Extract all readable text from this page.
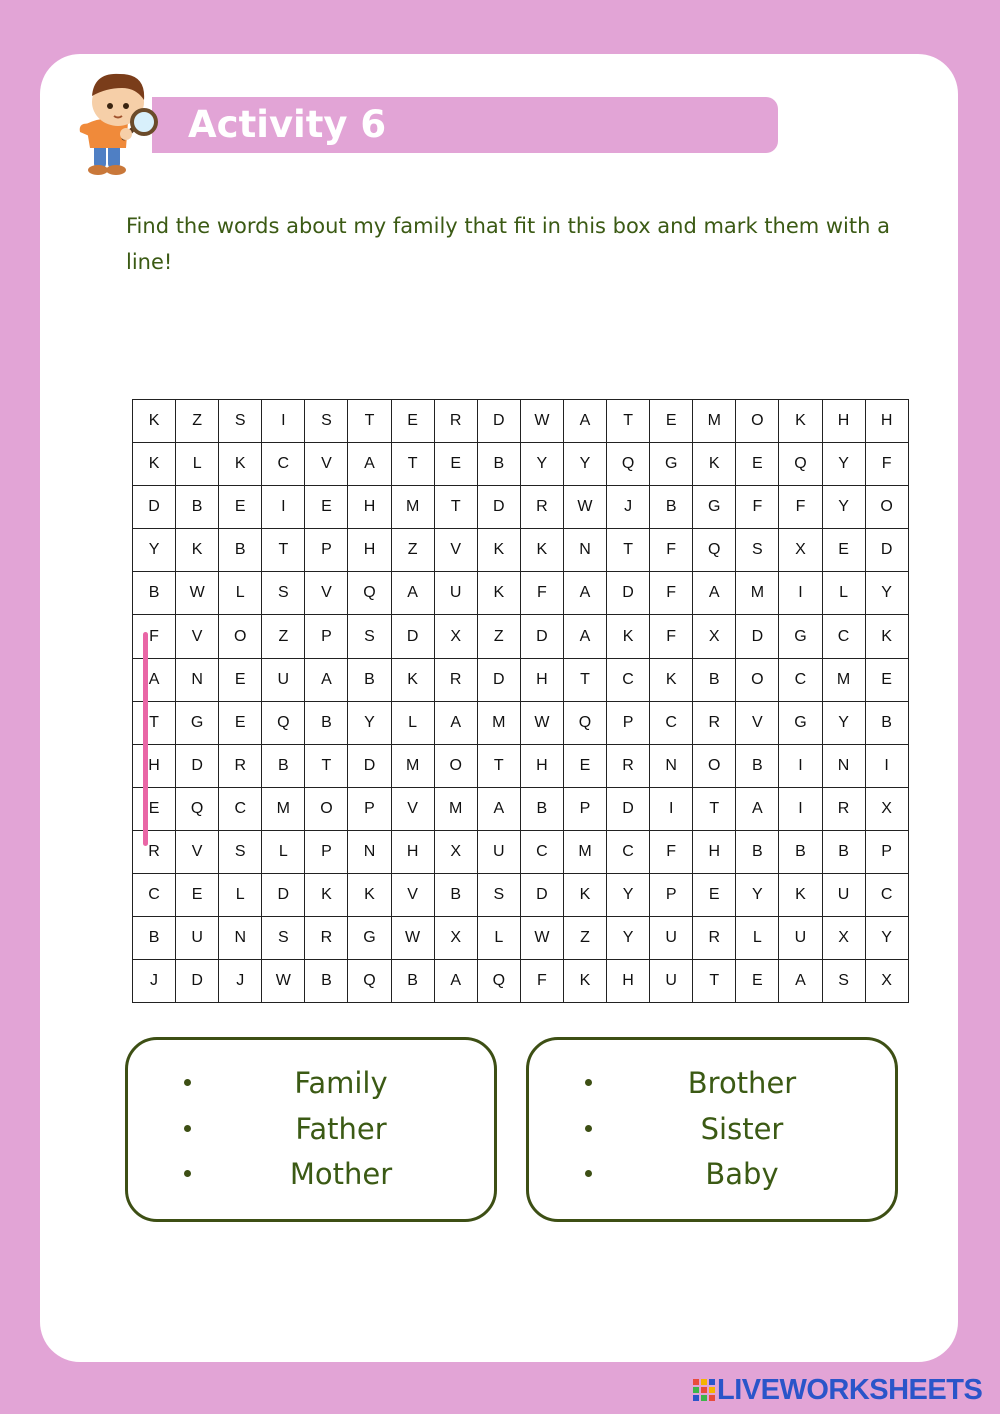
Activity 6
Find the words about my family that fit in this box and mark them with a line!
K	Z	S	I	S	T	E	R	D	W	A	T	E	M	O	K	H	H
K	L	K	C	V	A	T	E	B	Y	Y	Q	G	K	E	Q	Y	F
D	B	E	I	E	H	M	T	D	R	W	J	B	G	F	F	Y	O
Y	K	B	T	P	H	Z	V	K	K	N	T	F	Q	S	X	E	D
B	W	L	S	V	Q	A	U	K	F	A	D	F	A	M	I	L	Y
F	V	O	Z	P	S	D	X	Z	D	A	K	F	X	D	G	C	K
A	N	E	U	A	B	K	R	D	H	T	C	K	B	O	C	M	E
T	G	E	Q	B	Y	L	A	M	W	Q	P	C	R	V	G	Y	B
H	D	R	B	T	D	M	O	T	H	E	R	N	O	B	I	N	I
E	Q	C	M	O	P	V	M	A	B	P	D	I	T	A	I	R	X
R	V	S	L	P	N	H	X	U	C	M	C	F	H	B	B	B	P
C	E	L	D	K	K	V	B	S	D	K	Y	P	E	Y	K	U	C
B	U	N	S	R	G	W	X	L	W	Z	Y	U	R	L	U	X	Y
J	D	J	W	B	Q	B	A	Q	F	K	H	U	T	E	A	S	X
Family
Father
Mother
Brother
Sister
Baby
LIVEWORKSHEETS
